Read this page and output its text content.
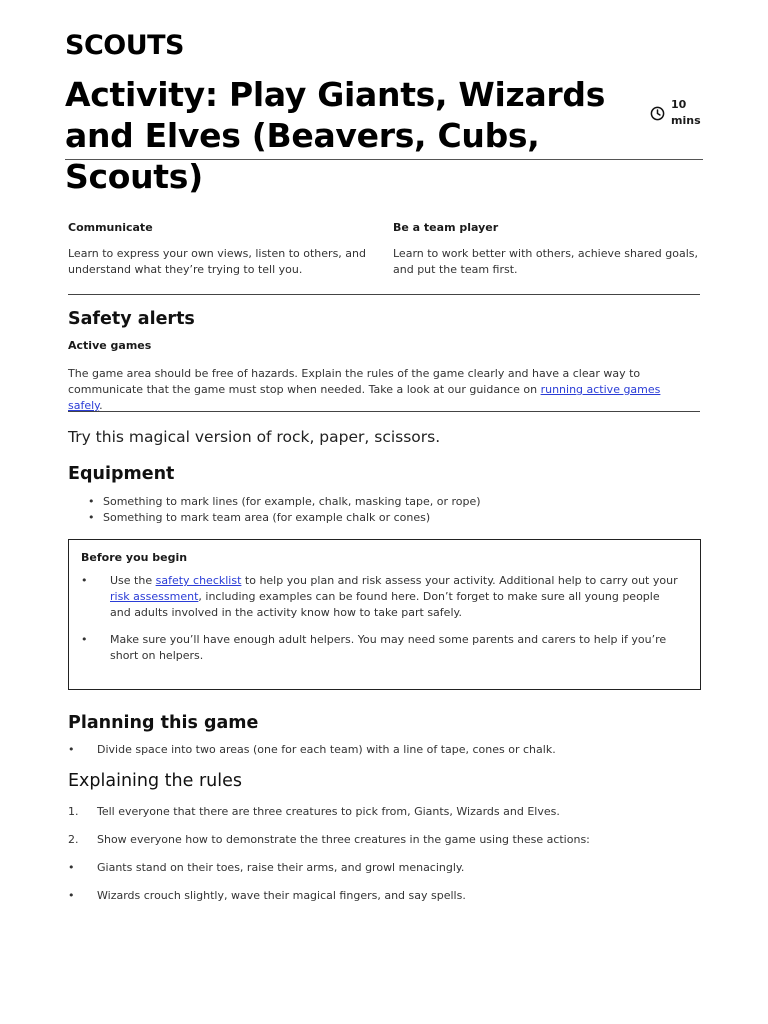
SCOUTS
Activity: Play Giants, Wizards and Elves (Beavers, Cubs, Scouts)
10
mins
Communicate
Learn to express your own views, listen to others, and understand what they’re trying to tell you.
Be a team player
Learn to work better with others, achieve shared goals, and put the team first.
Safety alerts
Active games

The game area should be free of hazards. Explain the rules of the game clearly and have a clear way to communicate that the game must stop when needed. Take a look at our guidance on running active games safely.

Try this magical version of rock, paper, scissors.

Equipment
• Something to mark lines (for example, chalk, masking tape, or rope)
• Something to mark team area (for example chalk or cones)
Before you begin
• Use the safety checklist to help you plan and risk assess your activity. Additional help to carry out your risk assessment, including examples can be found here. Don’t forget to make sure all young people and adults involved in the activity know how to take part safely.
• Make sure you’ll have enough adult helpers. You may need some parents and carers to help if you’re short on helpers.
Planning this game
• Divide space into two areas (one for each team) with a line of tape, cones or chalk.
Explaining the rules
1. Tell everyone that there are three creatures to pick from, Giants, Wizards and Elves.
2. Show everyone how to demonstrate the three creatures in the game using these actions:
• Giants stand on their toes, raise their arms, and growl menacingly.
• Wizards crouch slightly, wave their magical fingers, and say spells.
